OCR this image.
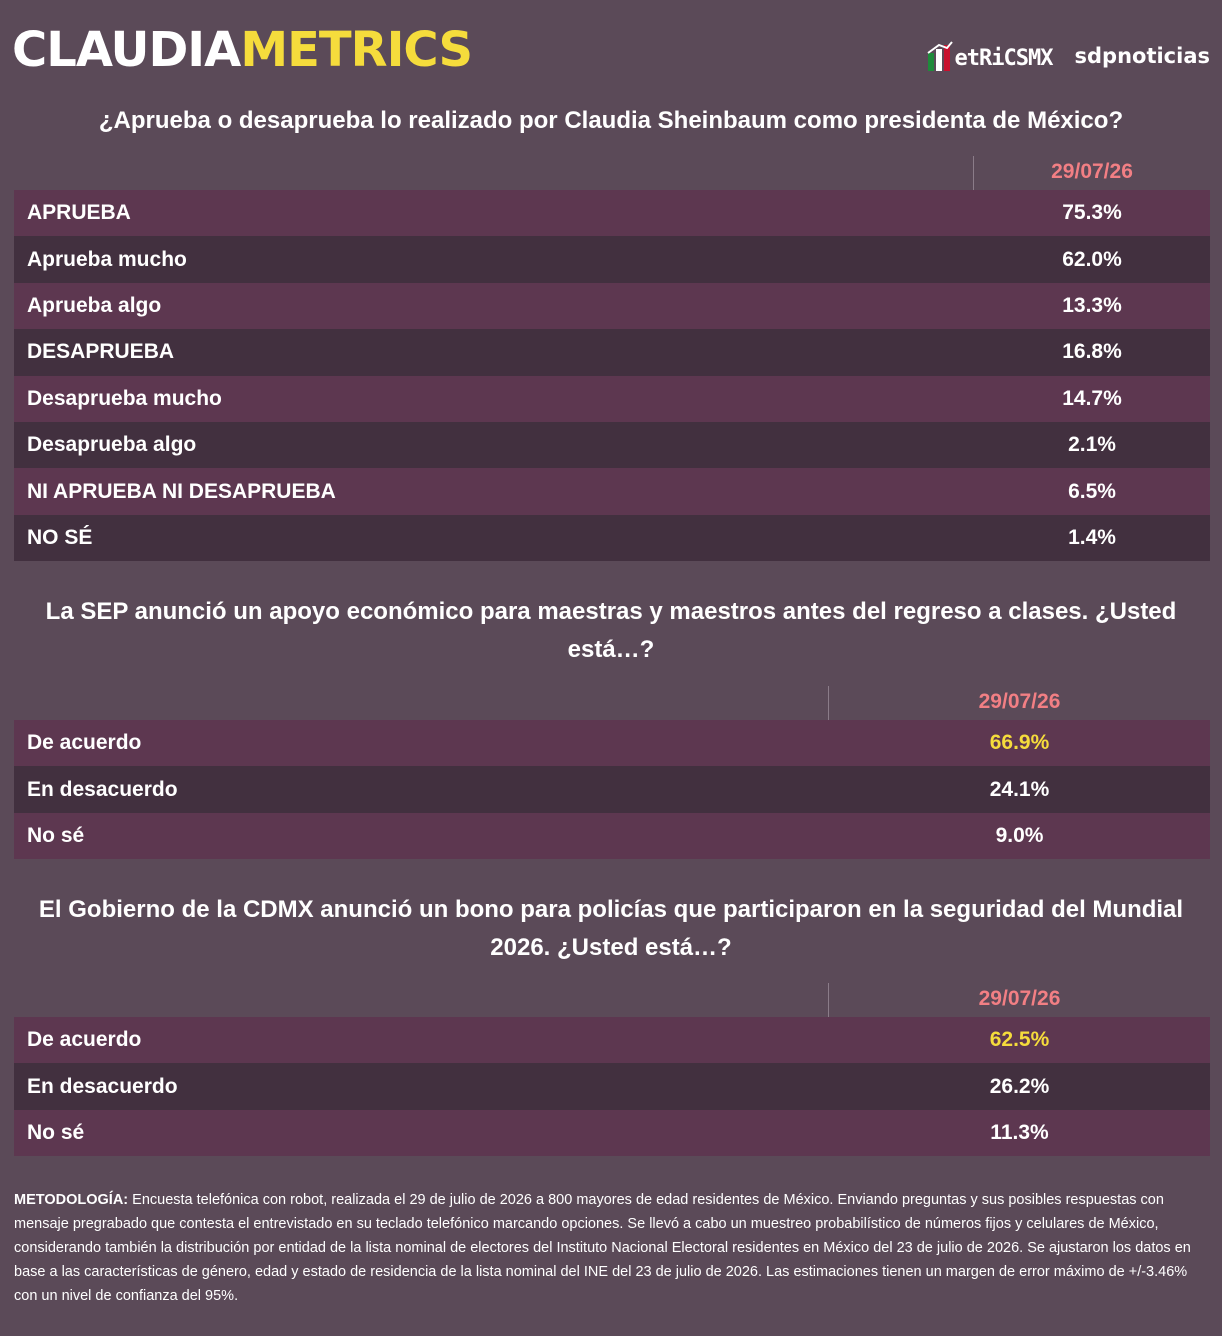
CLAUDIAMETRICS	etRiCSMX sdpnoticias
¿Aprueba o desaprueba lo realizado por Claudia Sheinbaum como presidenta de México?
29/07/26
APRUEBA	75.3%
Aprueba mucho	62.0%
Aprueba algo	13.3%
DESAPRUEBA	16.8%
Desaprueba mucho	14.7%
Desaprueba algo	2.1%
NI APRUEBA NI DESAPRUEBA	6.5%
NO SÉ	1.4%
La SEP anunció un apoyo económico para maestras y maestros antes del regreso a clases. ¿Usted está…?
29/07/26
De acuerdo	66.9%
En desacuerdo	24.1%
No sé	9.0%
El Gobierno de la CDMX anunció un bono para policías que participaron en la seguridad del Mundial 2026. ¿Usted está…?
29/07/26
De acuerdo	62.5%
En desacuerdo	26.2%
No sé	11.3%
METODOLOGÍA: Encuesta telefónica con robot, realizada el 29 de julio de 2026 a 800 mayores de edad residentes de México. Enviando preguntas y sus posibles respuestas con mensaje pregrabado que contesta el entrevistado en su teclado telefónico marcando opciones. Se llevó a cabo un muestreo probabilístico de números fijos y celulares de México, considerando también la distribución por entidad de la lista nominal de electores del Instituto Nacional Electoral residentes en México del 23 de julio de 2026. Se ajustaron los datos en base a las características de género, edad y estado de residencia de la lista nominal del INE del 23 de julio de 2026. Las estimaciones tienen un margen de error máximo de +/-3.46% con un nivel de confianza del 95%.
